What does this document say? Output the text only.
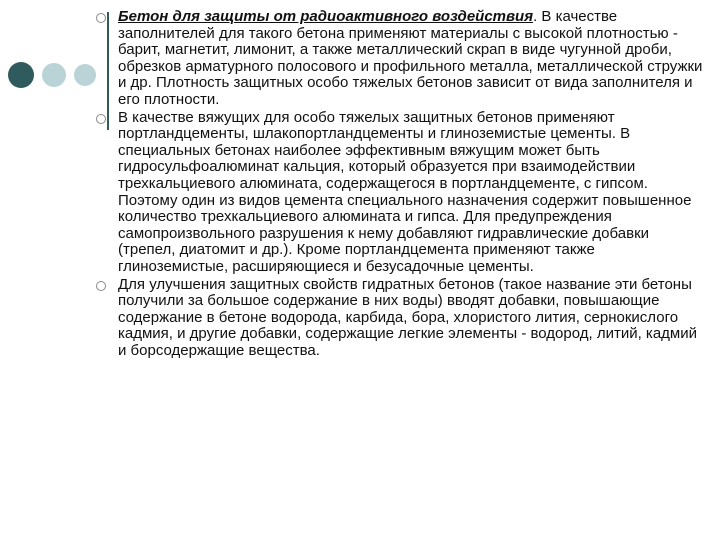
Бетон для защиты от радиоактивного воздействия. В качестве заполнителей для такого бетона применяют материалы с высокой плотностью - барит, магнетит, лимонит, а также металлический скрап в виде чугунной дроби, обрезков арматурного полосового и профильного металла, металлической стружки и др. Плотность защитных особо тяжелых бетонов зависит от вида заполнителя и его плотности.
В качестве вяжущих для особо тяжелых защитных бетонов применяют портландцементы, шлакопортландцементы и глиноземистые цементы. В специальных бетонах наиболее эффективным вяжущим может быть гидросульфоалюминат кальция, который образуется при взаимодействии трехкальциевого алюмината, содержащегося в портландцементе, с гипсом. Поэтому один из видов цемента специального назначения содержит повышенное количество трехкальциевого алюмината и гипса. Для предупреждения самопроизвольного разрушения к нему добавляют гидравлические добавки (трепел, диатомит и др.). Кроме портландцемента применяют также глиноземистые, расширяющиеся и безусадочные цементы.
Для улучшения защитных свойств гидратных бетонов (такое название эти бетоны получили за большое содержание в них воды) вводят добавки, повышающие содержание в бетоне водорода, карбида, бора, хлористого лития, сернокислого кадмия, и другие добавки, содержащие легкие элементы - водород, литий, кадмий и борсодержащие вещества.
